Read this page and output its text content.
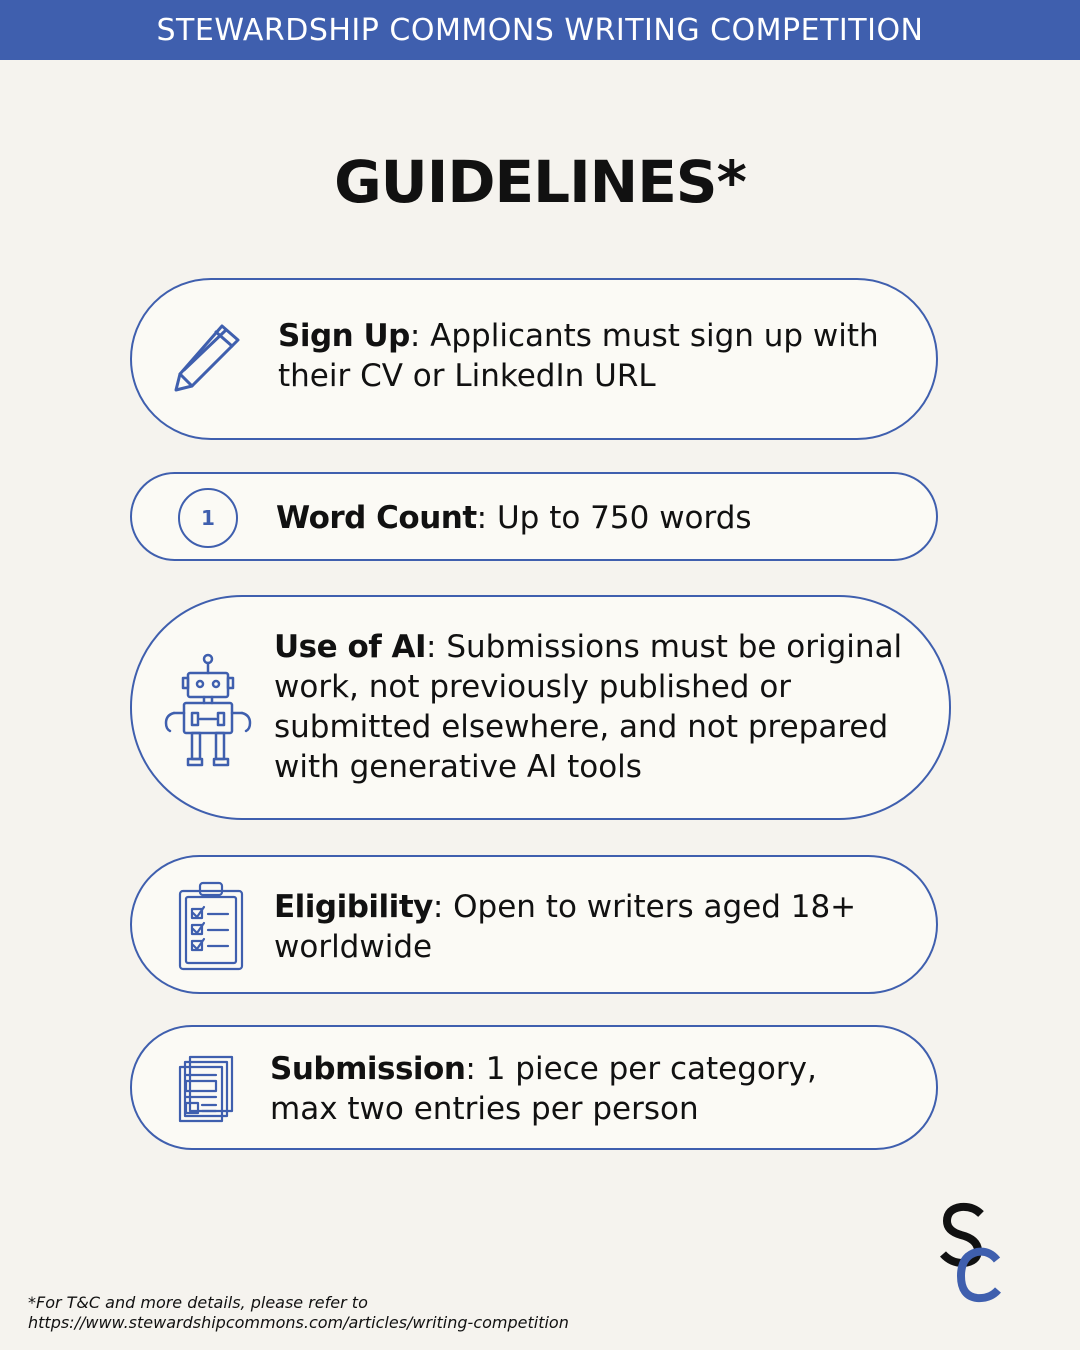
STEWARDSHIP COMMONS WRITING COMPETITION
GUIDELINES*
Sign Up: Applicants must sign up with their CV or LinkedIn URL
1	Word Count: Up to 750 words
Use of AI: Submissions must be original work, not previously published or submitted elsewhere, and not prepared with generative AI tools
Eligibility: Open to writers aged 18+ worldwide
Submission: 1 piece per category, max two entries per person
*For T&C and more details, please refer to
https://www.stewardshipcommons.com/articles/writing-competition
